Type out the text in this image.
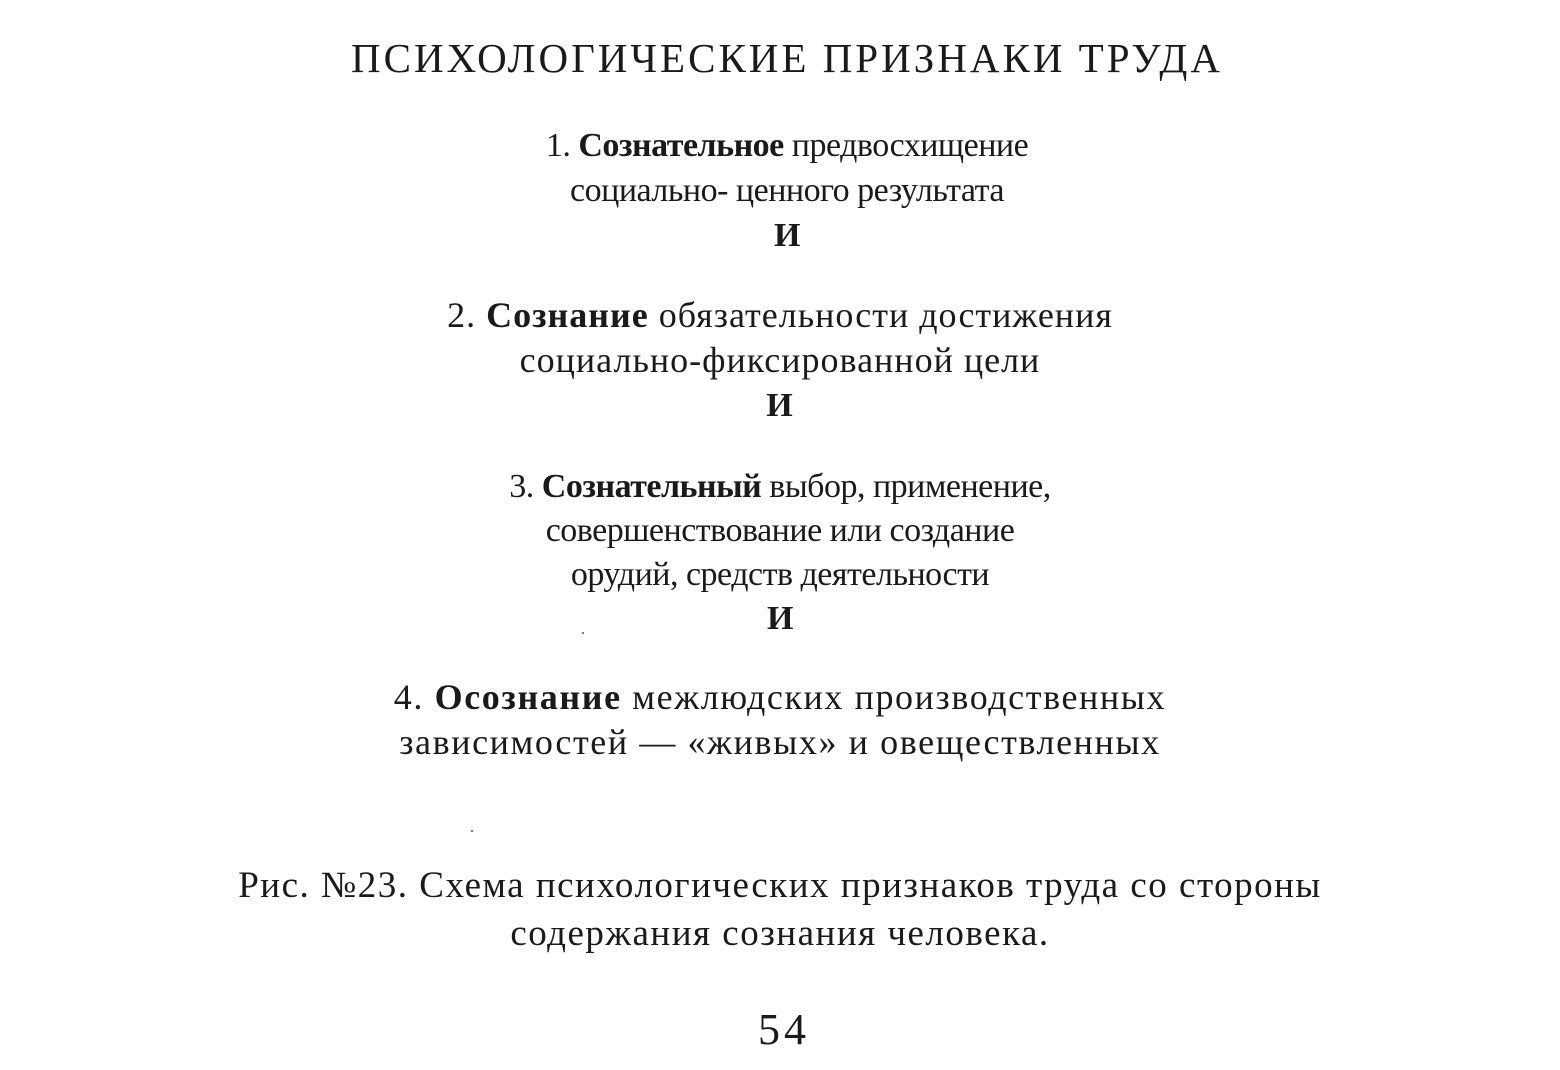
ПСИХОЛОГИЧЕСКИЕ ПРИЗНАКИ ТРУДА
1. Сознательное предвосхищение
социально- ценного результата
И
2. Сознание обязательности достижения
социально-фиксированной цели
И
3. Сознательный выбор, применение,
совершенствование или создание
орудий, средств деятельности
И
4. Осознание межлюдских производственных
зависимостей — «живых» и овеществленных
Рис. №23. Схема психологических признаков труда со стороны
содержания сознания человека.
54
